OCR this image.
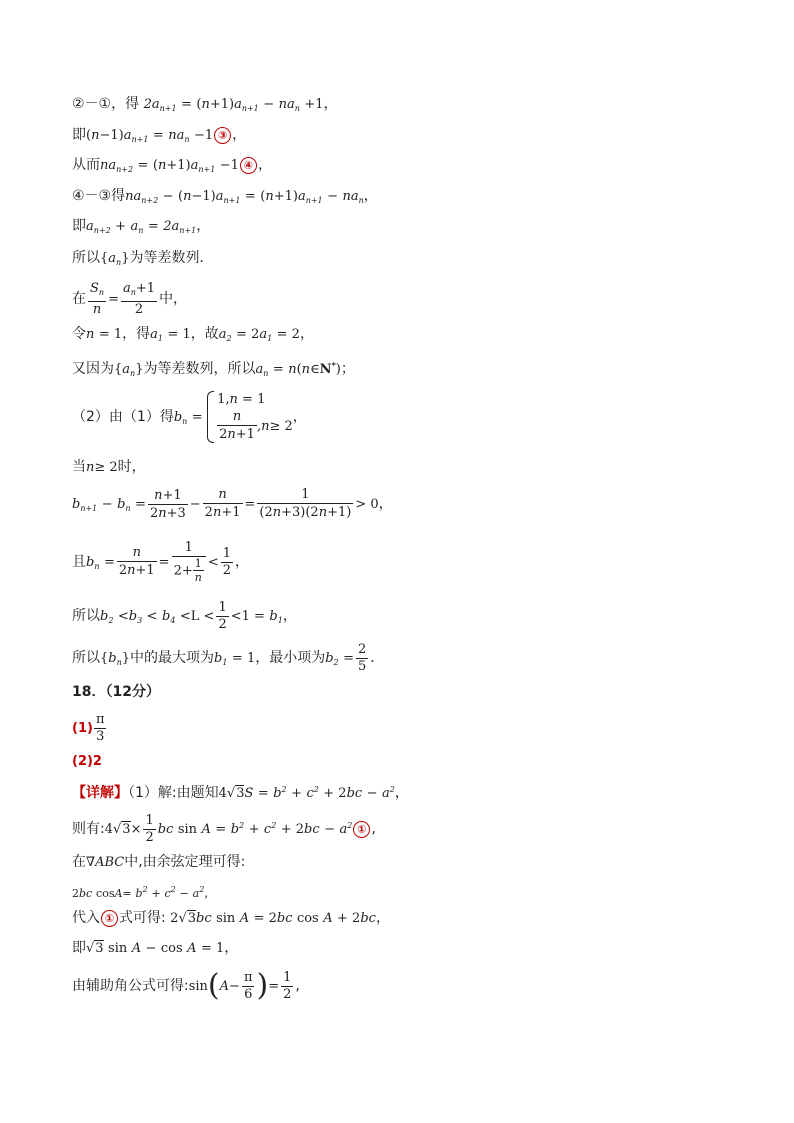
②－①，得 $2a_{n+1} = (n+1)a_{n+1} - na_n +1$，
即$(n-1)a_{n+1} = na_n -1$ ③ ，
从而$na_{n+2} = (n+1)a_{n+1} -1$ ④ ，
④－③得$na_{n+2} - (n-1)a_{n+1} = (n+1)a_{n+1} - na_n$，
即$a_{n+2} + a_n = 2a_{n+1}$，
所以$\{a_n\}$为等差数列．
在 $\frac{S_n}{n} = \frac{a_n+1}{2}$ 中，
令n = 1，得$a_1 = 1$，故$a_2 = 2a_1 = 2$，
又因为$\{a_n\}$为等差数列，所以$a_n$ = n(n∈N*)；
（2）由（1）得$b_n$ =
1,n = 1
$\frac{n}{2n+1} ,n\ge 2$
，
当n≥ 2时，
$b_{n+1} - b_n = \frac{n+1}{2n+3} - \frac{n}{2n+1} = \frac{1}{(2n+3)(2n+1)} > 0$，
且$b_n = \frac{n}{2n+1} = \frac{1}{2+ \frac{1}{n}} < \frac{1}{2}$ ，
所以$b_2 <b_3 < b_4 <L < \frac{1}{2} <1 = b_1$，
所以$\{b_n\}$中的最大项为$b_1 = 1$，最小项为$b_2 = \frac{2}{5}$ ．
18．（12分）
$(1) \frac{\pi}{3}$
(2)2
【详解】（1）解:由题知$4√3S = b^2 + c^2 + 2bc - a^2$，
则有:4√3× $\frac{1}{2}$ bc $\sin A = b^2 + c^2 + 2bc - a^2$ ① ,
在∇ABC中,由余弦定理可得:
2bc $\cos A= b^2 + c^2 - a^2$,
代入 ① 式可得: 2√3bc sin A = 2bc cos A + 2bc，
即√3 sin A − cos A = 1，
由辅助角公式可得:sin(A− $\frac{\pi}{6}$ )= $\frac{1}{2}$ ,
